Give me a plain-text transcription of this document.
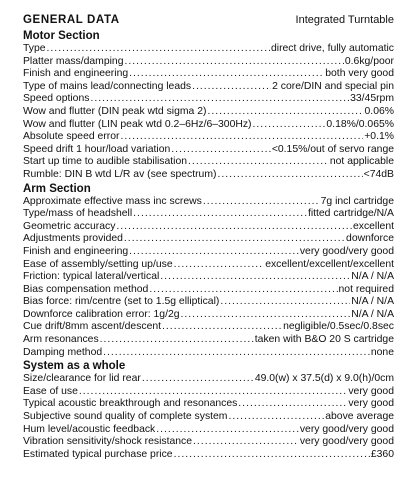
GENERAL DATA	Integrated Turntable
Motor Section
Type .....	direct drive, fully automatic
Platter mass/damping .....	0.6kg/poor
Finish and engineering .....	both very good
Type of mains lead/connecting leads .....	2 core/DIN and special pin
Speed options .....	33/45rpm
Wow and flutter (DIN peak wtd sigma 2) .....	0.06%
Wow and flutter (LIN peak wtd 0.2–6Hz/6–300Hz) .....	0.18%/0.065%
Absolute speed error .....	+0.1%
Speed drift 1 hour/load variation .....	<0.15%/out of servo range
Start up time to audible stabilisation .....	not applicable
Rumble: DIN B wtd L/R av (see spectrum) .....	<74dB
Arm Section
Approximate effective mass inc screws .....	7g incl cartridge
Type/mass of headshell .....	fitted cartridge/N/A
Geometric accuracy .....	excellent
Adjustments provided .....	downforce
Finish and engineering .....	very good/very good
Ease of assembly/setting up/use .....	excellent/excellent/excellent
Friction: typical lateral/vertical .....	N/A / N/A
Bias compensation method .....	not required
Bias force: rim/centre (set to 1.5g elliptical) .....	N/A / N/A
Downforce calibration error: 1g/2g .....	N/A / N/A
Cue drift/8mm ascent/descent .....	negligible/0.5sec/0.8sec
Arm resonances .....	taken with B&O 20 S cartridge
Damping method .....	none
System as a whole
Size/clearance for lid rear .....	49.0(w) x 37.5(d) x 9.0(h)/0cm
Ease of use .....	very good
Typical acoustic breakthrough and resonances .....	very good
Subjective sound quality of complete system .....	above average
Hum level/acoustic feedback .....	very good/very good
Vibration sensitivity/shock resistance .....	very good/very good
Estimated typical purchase price .....	£360
